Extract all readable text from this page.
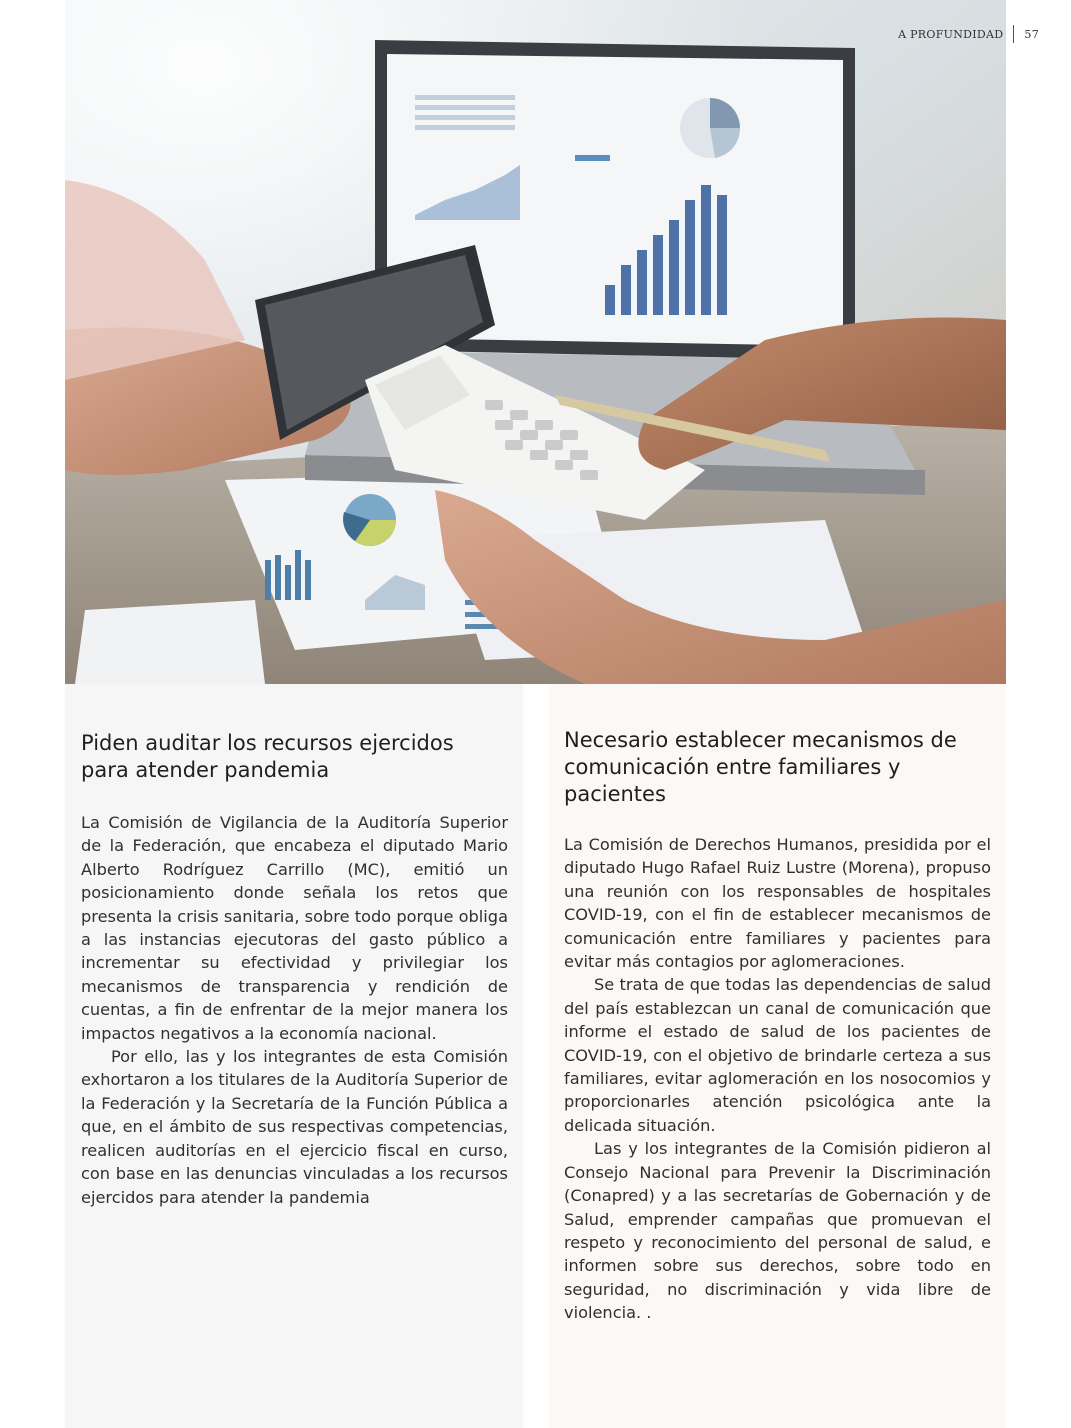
A PROFUNDIDAD 57
Piden auditar los recursos ejercidos para atender pandemia

La Comisión de Vigilancia de la Auditoría Superior de la Federación, que encabeza el diputado Mario Alberto Rodríguez Carrillo (MC), emitió un posicionamiento donde señala los retos que presenta la crisis sanitaria, sobre todo porque obliga a las instancias ejecutoras del gasto público a incrementar su efectividad y privilegiar los mecanismos de transparencia y rendición de cuentas, a fin de enfrentar de la mejor manera los impactos negativos a la economía nacional.

Por ello, las y los integrantes de esta Comisión exhortaron a los titulares de la Auditoría Superior de la Federación y la Secretaría de la Función Pública a que, en el ámbito de sus respectivas competencias, realicen auditorías en el ejercicio fiscal en curso, con base en las denuncias vinculadas a los recursos ejercidos para atender la pandemia

Necesario establecer mecanismos de comunicación entre familiares y pacientes

La Comisión de Derechos Humanos, presidida por el diputado Hugo Rafael Ruiz Lustre (Morena), propuso una reunión con los responsables de hospitales COVID-19, con el fin de establecer mecanismos de comunicación entre familiares y pacientes para evitar más contagios por aglomeraciones.

Se trata de que todas las dependencias de salud del país establezcan un canal de comunicación que informe el estado de salud de los pacientes de COVID-19, con el objetivo de brindarle certeza a sus familiares, evitar aglomeración en los nosocomios y proporcionarles atención psicológica ante la delicada situación.

Las y los integrantes de la Comisión pidieron al Consejo Nacional para Prevenir la Discriminación (Conapred) y a las secretarías de Gobernación y de Salud, emprender campañas que promuevan el respeto y reconocimiento del personal de salud, e informen sobre sus derechos, sobre todo en seguridad, no discriminación y vida libre de violencia. .
